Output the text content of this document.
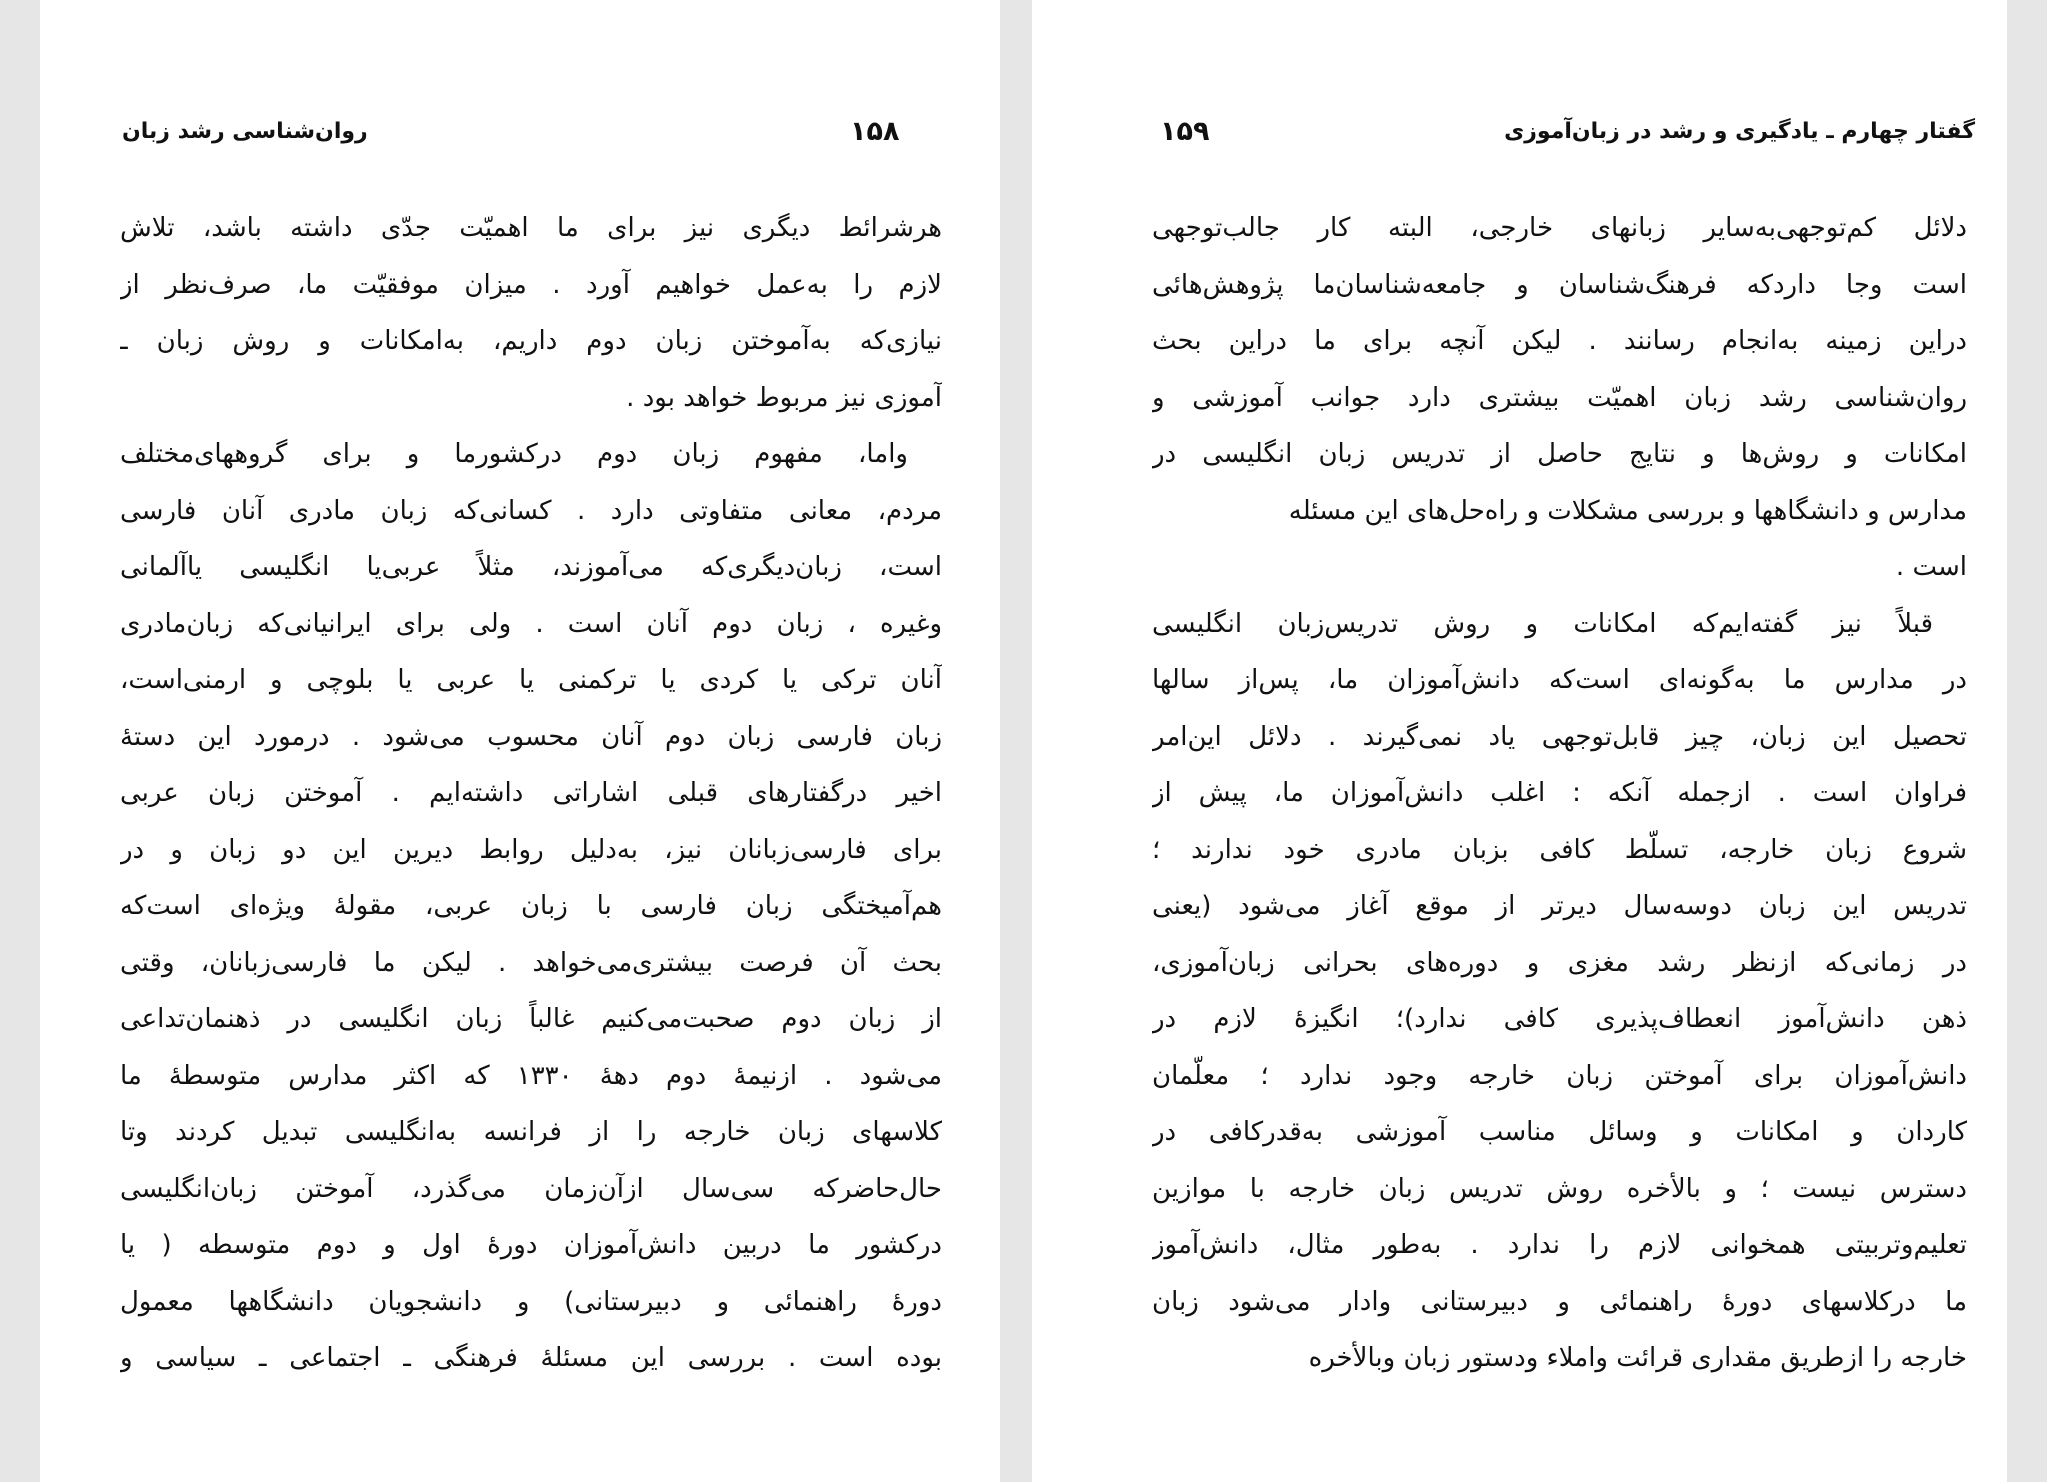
روان‌شناسی رشد زبان	۱۵۸
هرشرائط دیگری نیز برای ما اهمیّت جدّی داشته باشد، تلاش
لازم را به‌عمل خواهیم آورد . میزان موفقیّت ما، صرف‌نظر از
نیازی‌که به‌آموختن زبان دوم داریم، به‌امکانات و روش زبان ـ
آموزی نیز مربوط خواهد بود .
واما، مفهوم زبان دوم درکشورما و برای گروههای‌مختلف
مردم، معانی متفاوتی دارد . کسانی‌که زبان مادری آنان فارسی
است، زبان‌دیگری‌که می‌آموزند، مثلاً عربی‌یا انگلیسی یاآلمانی
وغیره ، زبان دوم آنان است . ولی برای ایرانیانی‌که زبان‌مادری
آنان ترکی یا کردی یا ترکمنی یا عربی یا بلوچی و ارمنی‌است،
زبان فارسی زبان دوم آنان محسوب می‌شود . درمورد این دستهٔ
اخیر درگفتارهای قبلی اشاراتی داشته‌ایم . آموختن زبان عربی
برای فارسی‌زبانان نیز، به‌دلیل روابط دیرین این دو زبان و در
هم‌آمیختگی زبان فارسی با زبان عربی، مقولهٔ ویژه‌ای است‌که
بحث آن فرصت بیشتری‌می‌خواهد . لیکن ما فارسی‌زبانان، وقتی
از زبان دوم صحبت‌می‌کنیم غالباً زبان انگلیسی در ذهنمان‌تداعی
می‌شود . ازنیمهٔ دوم دههٔ ۱۳۳۰ که اکثر مدارس متوسطهٔ ما
کلاسهای زبان خارجه را از فرانسه به‌انگلیسی تبدیل کردند وتا
حال‌حاضرکه سی‌سال ازآن‌زمان می‌گذرد، آموختن زبان‌انگلیسی
درکشور ما دربین دانش‌آموزان دورهٔ اول و دوم متوسطه ( یا
دورهٔ راهنمائی و دبیرستانی) و دانشجویان دانشگاهها معمول
بوده است . بررسی این مسئلهٔ فرهنگی ـ اجتماعی ـ سیاسی و
گفتار چهارم ـ یادگیری و رشد در زبان‌آموزی
۱۵۹
دلائل کم‌توجهی‌به‌سایر زبانهای خارجی، البته کار جالب‌توجهی
است وجا داردکه فرهنگ‌شناسان و جامعه‌شناسان‌ما پژوهش‌هائی
دراین زمینه به‌انجام رسانند . لیکن آنچه برای ما دراین بحث
روان‌شناسی رشد زبان اهمیّت بیشتری دارد جوانب آموزشی و
امکانات و روش‌ها و نتایج حاصل از تدریس زبان انگلیسی در
مدارس و دانشگاهها و بررسی مشکلات و راه‌حل‌های این مسئله
است .
قبلاً نیز گفته‌ایم‌که امکانات و روش تدریس‌زبان انگلیسی
در مدارس ما به‌گونه‌ای است‌که دانش‌آموزان ما، پس‌از سالها
تحصیل این زبان، چیز قابل‌توجهی یاد نمی‌گیرند . دلائل این‌امر
فراوان است . ازجمله آنکه : اغلب دانش‌آموزان ما، پیش از
شروع زبان خارجه، تسلّط کافی بزبان مادری خود ندارند ؛
تدریس این زبان دوسه‌سال دیرتر از موقع آغاز می‌شود (یعنی
در زمانی‌که ازنظر رشد مغزی و دوره‌های بحرانی زبان‌آموزی،
ذهن دانش‌آموز انعطاف‌پذیری کافی ندارد)؛ انگیزهٔ لازم در
دانش‌آموزان برای آموختن زبان خارجه وجود ندارد ؛ معلّمان
کاردان و امکانات و وسائل مناسب آموزشی به‌قدرکافی در
دسترس نیست ؛ و بالأخره روش تدریس زبان خارجه با موازین
تعلیم‌وتربیتی همخوانی لازم را ندارد . به‌طور مثال، دانش‌آموز
ما درکلاسهای دورهٔ راهنمائی و دبیرستانی وادار می‌شود زبان
خارجه را ازطریق مقداری قرائت واملاء ودستور زبان وبالأخره
